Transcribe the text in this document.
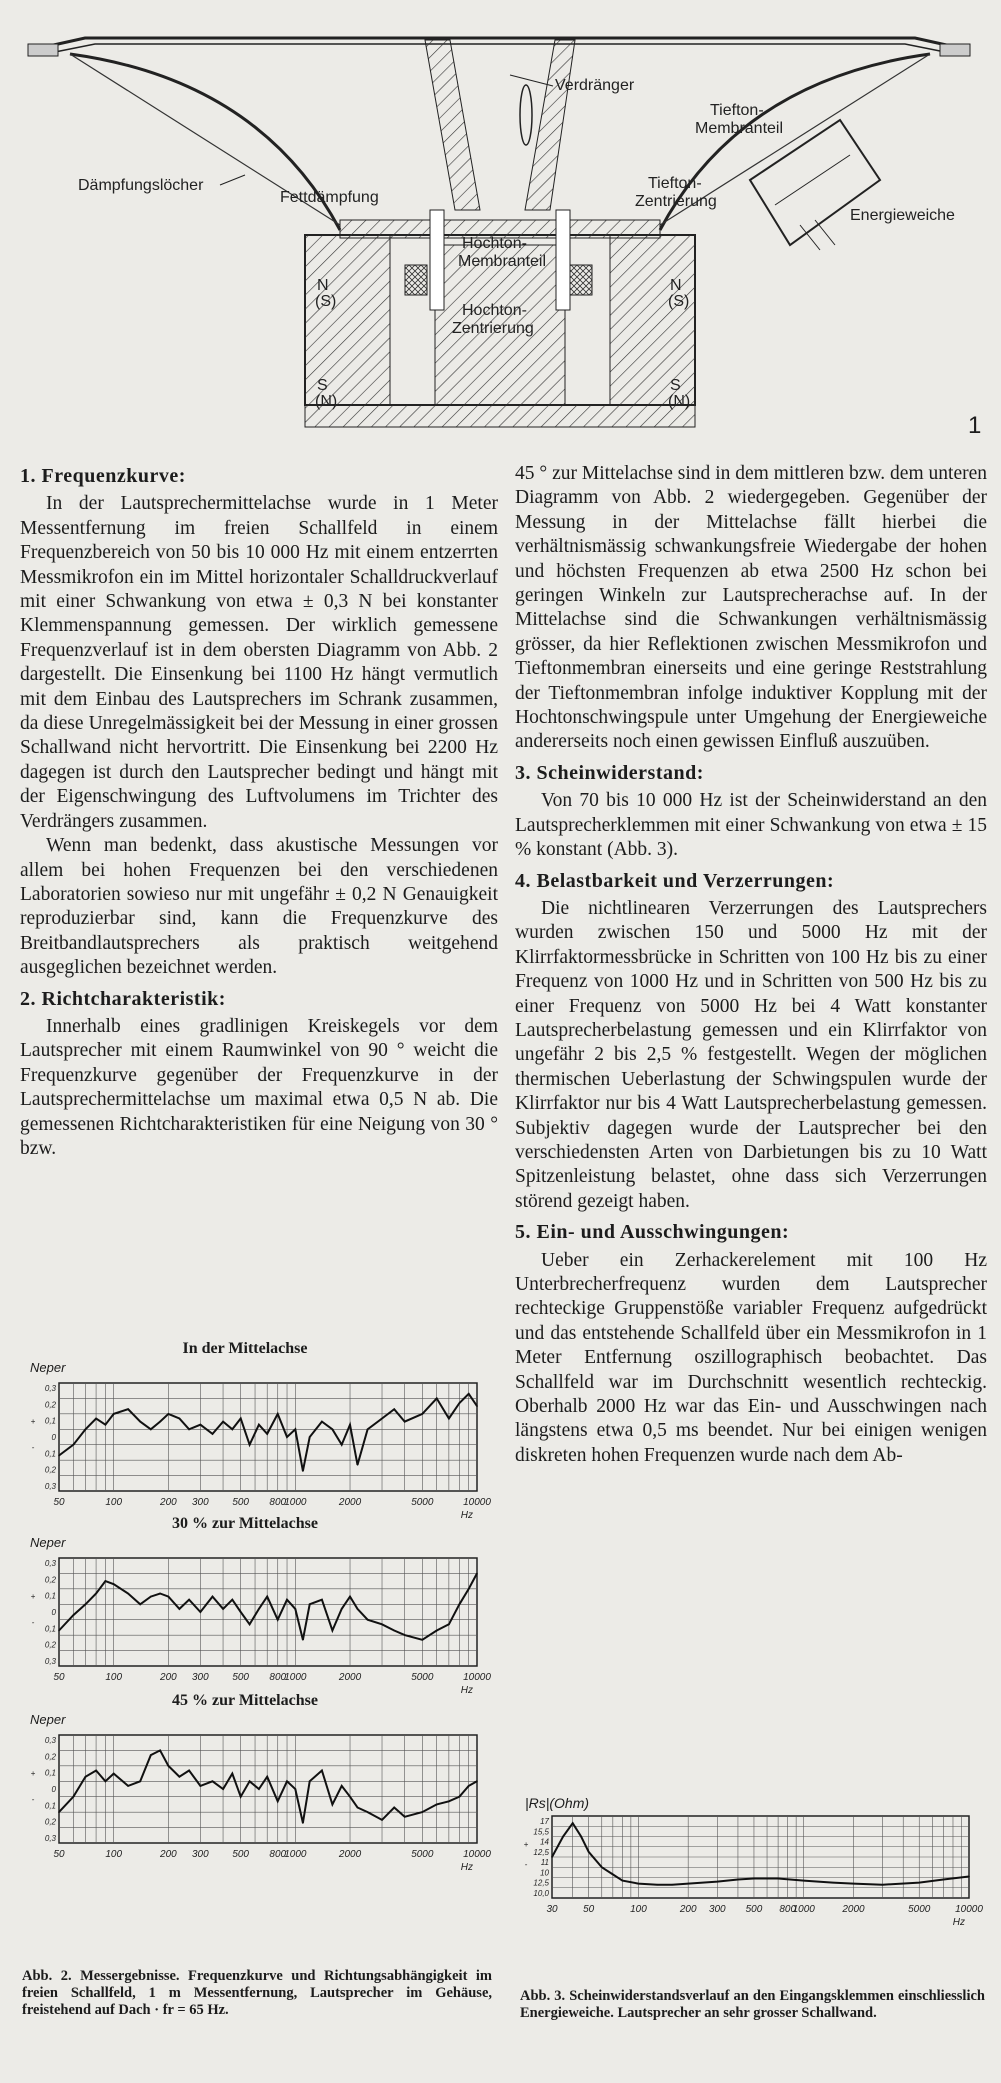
Verdränger
Tiefton-
Membranteil
Dämpfungslöcher
Fettdämpfung
Tiefton-
Zentrierung
Energieweiche
Hochton-
Membranteil
Hochton-
Zentrierung
N
(S)
N
(S)
S
(N)
S
(N)
1
1. Frequenzkurve:

In der Lautsprechermittelachse wurde in 1 Meter Messentfernung im freien Schallfeld in einem Frequenzbereich von 50 bis 10 000 Hz mit einem entzerrten Messmikrofon ein im Mittel horizontaler Schalldruckverlauf mit einer Schwankung von etwa ± 0,3 N bei konstanter Klemmenspannung gemessen. Der wirklich gemessene Frequenzverlauf ist in dem obersten Diagramm von Abb. 2 dargestellt. Die Einsenkung bei 1100 Hz hängt vermutlich mit dem Einbau des Lautsprechers im Schrank zusammen, da diese Unregelmässigkeit bei der Messung in einer grossen Schallwand nicht hervortritt. Die Einsenkung bei 2200 Hz dagegen ist durch den Lautsprecher bedingt und hängt mit der Eigenschwingung des Luftvolumens im Trichter des Verdrängers zusammen.

Wenn man bedenkt, dass akustische Messungen vor allem bei hohen Frequenzen bei den verschiedenen Laboratorien sowieso nur mit ungefähr ± 0,2 N Genauigkeit reproduzierbar sind, kann die Frequenzkurve des Breitbandlautsprechers als praktisch weitgehend ausgeglichen bezeichnet werden.

2. Richtcharakteristik:

Innerhalb eines gradlinigen Kreiskegels vor dem Lautsprecher mit einem Raumwinkel von 90 ° weicht die Frequenzkurve gegenüber der Frequenzkurve in der Lautsprechermittelachse um maximal etwa 0,5 N ab. Die gemessenen Richtcharakteristiken für eine Neigung von 30 ° bzw.

In der Mittelachse
Neper
0,3
0,2
0,1
0
0,1
0,2
0,3
+
-
50	100	200 300 500 800
1000	2000	5000	10000
Hz
30 % zur Mittelachse
Neper
0,3
0,2
0,1
0
0,1
0,2
0,3
+
-
50	100	200 300 500 800
1000	2000	5000	10000
Hz
45 % zur Mittelachse
Neper
0,3
0,2
0,1
0
0,1
0,2
0,3
+
-
50	100	200 300 500 800
1000	2000	5000	10000
Hz
Abb. 2. Messergebnisse. Frequenzkurve und Richtungsabhängigkeit im freien Schallfeld, 1 m Messentfernung, Lautsprecher im Gehäuse, freistehend auf Dach · fr = 65 Hz.

45 ° zur Mittelachse sind in dem mittleren bzw. dem unteren Diagramm von Abb. 2 wiedergegeben. Gegenüber der Messung in der Mittelachse fällt hierbei die verhältnismässig schwankungsfreie Wiedergabe der hohen und höchsten Frequenzen ab etwa 2500 Hz schon bei geringen Winkeln zur Lautsprecherachse auf. In der Mittelachse sind die Schwankungen verhältnismässig grösser, da hier Reflektionen zwischen Messmikrofon und Tieftonmembran einerseits und eine geringe Reststrahlung der Tieftonmembran infolge induktiver Kopplung mit der Hochtonschwingspule unter Umgehung der Energieweiche andererseits noch einen gewissen Einfluß auszuüben.

3. Scheinwiderstand:

Von 70 bis 10 000 Hz ist der Scheinwiderstand an den Lautsprecherklemmen mit einer Schwankung von etwa ± 15 % konstant (Abb. 3).

4. Belastbarkeit und Verzerrungen:

Die nichtlinearen Verzerrungen des Lautsprechers wurden zwischen 150 und 5000 Hz mit der Klirrfaktormessbrücke in Schritten von 100 Hz bis zu einer Frequenz von 1000 Hz und in Schritten von 500 Hz bis zu einer Frequenz von 5000 Hz bei 4 Watt konstanter Lautsprecherbelastung gemessen und ein Klirrfaktor von ungefähr 2 bis 2,5 % festgestellt. Wegen der möglichen thermischen Ueberlastung der Schwingspulen wurde der Klirrfaktor nur bis 4 Watt Lautsprecherbelastung gemessen. Subjektiv dagegen wurde der Lautsprecher bei den verschiedensten Arten von Darbietungen bis zu 10 Watt Spitzenleistung belastet, ohne dass sich Verzerrungen störend gezeigt haben.

5. Ein- und Ausschwingungen:

Ueber ein Zerhackerelement mit 100 Hz Unterbrecherfrequenz wurden dem Lautsprecher rechteckige Gruppenstöße variabler Frequenz aufgedrückt und das entstehende Schallfeld über ein Messmikrofon in 1 Meter Entfernung oszillographisch beobachtet. Das Schallfeld war im Durchschnitt wesentlich rechteckig. Oberhalb 2000 Hz war das Ein- und Ausschwingen nach längstens etwa 0,5 ms beendet. Nur bei einigen wenigen diskreten hohen Frequenzen wurde nach dem Ab-

|Rs|(Ohm)
17
15,5
14
12,5
11
10
12,5
10,0
+
-
30	50	100	200 300 500 800
1000	2000	5000 10000
Hz
Abb. 3. Scheinwiderstandsverlauf an den Eingangsklemmen einschliesslich Energieweiche. Lautsprecher an sehr grosser Schallwand.
